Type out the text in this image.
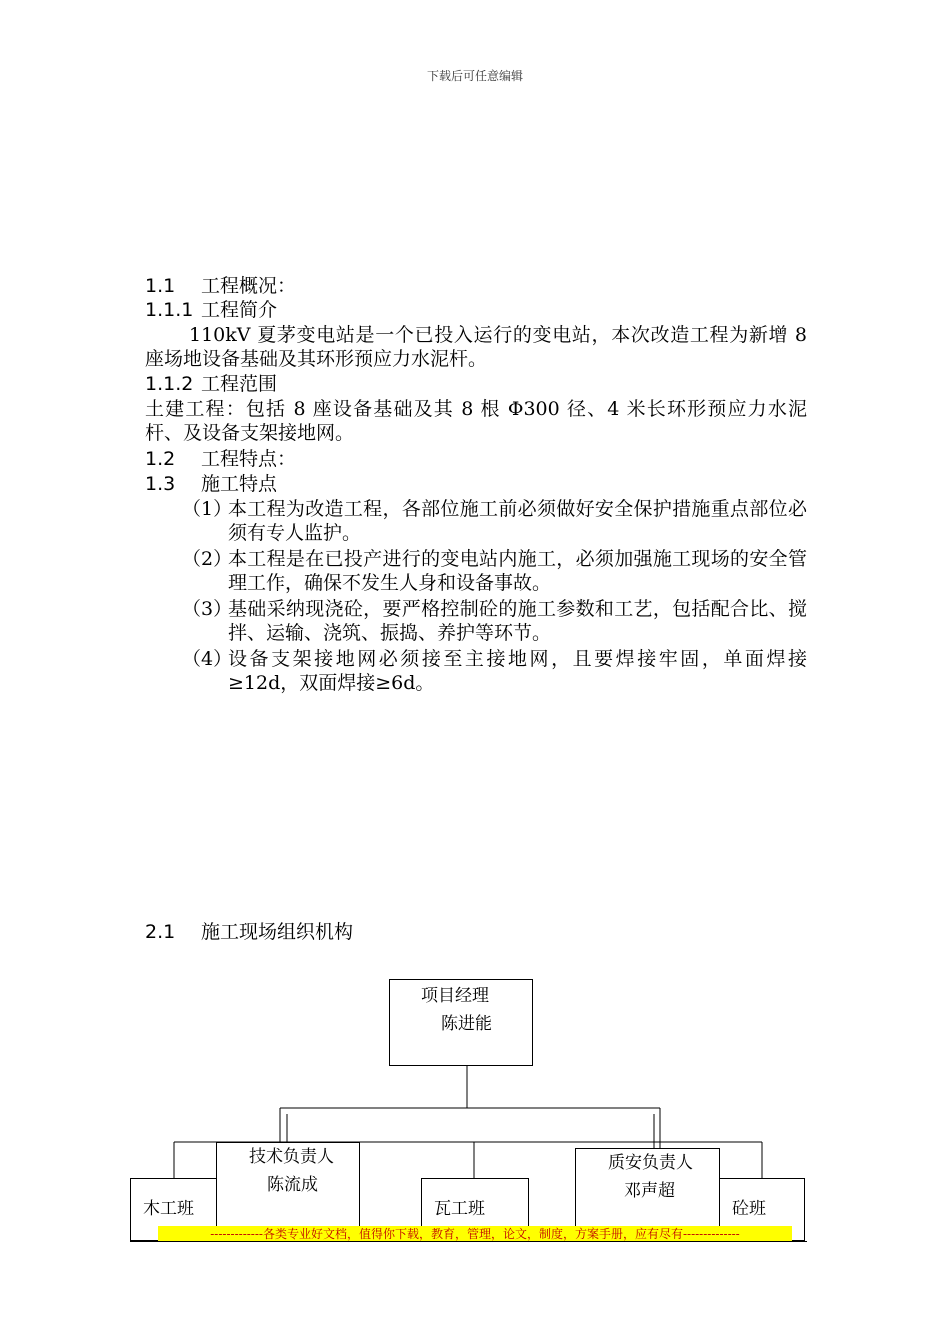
下载后可任意编辑
1.1 工程概况：
1.1.1 工程简介
110kV 夏茅变电站是一个已投入运行的变电站，本次改造工程为新增 8 座场地设备基础及其环形预应力水泥杆。
1.1.2 工程范围
土建工程：包括 8 座设备基础及其 8 根 Φ300 径、4 米长环形预应力水泥杆、及设备支架接地网。
1.2 工程特点：
1.3 施工特点
（1）
本工程为改造工程，各部位施工前必须做好安全保护措施重点部位必须有专人监护。
（2）
本工程是在已投产进行的变电站内施工，必须加强施工现场的安全管理工作，确保不发生人身和设备事故。
（3）
基础采纳现浇砼，要严格控制砼的施工参数和工艺，包括配合比、搅拌、运输、浇筑、振捣、养护等环节。
（4）
设备支架接地网必须接至主接地网，且要焊接牢固，单面焊接≥12d，双面焊接≥6d。
2.1 施工现场组织机构
项目经理
陈进能
木工班
技术负责人
陈流成
瓦工班	砼班
质安负责人
邓声超
-------------各类专业好文档，值得你下载，教育，管理，论文，制度，方案手册，应有尽有--------------
